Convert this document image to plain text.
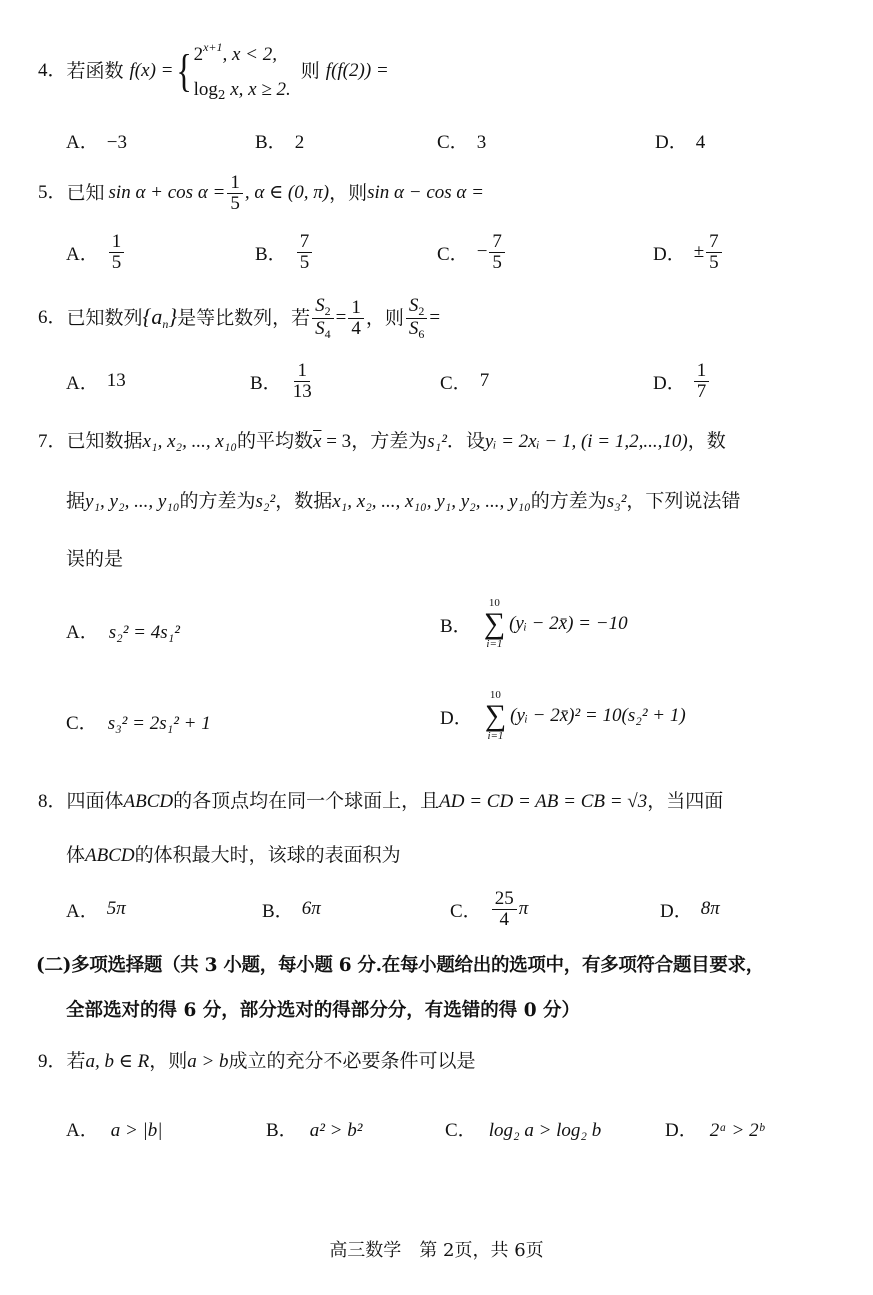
4． 若函数 f(x) = { $2^{x+1}$, x < 2,
$\log_2 x$, x ≥ 2.
则 f(f(2)) =
A． −3	B． 2	C． 3	D． 4
5． 已知 $\sin \alpha + \cos \alpha = \frac{1}{5}$ , α ∈ (0, π) ，则 sin α − cos α =
A． $\frac{1}{5}$	B． $\frac{7}{5}$	C． − $\frac{7}{5}$	D． ± $\frac{7}{5}$
6． 已知数列 $\{a_n\}$ 是等比数列，若 $\frac{S_2}{S_4} = \frac{1}{4}$ ，则 $\frac{S_2}{S_6}$ =
A． 13	B． $\frac{1}{13}$	C． 7	D． $\frac{1}{7}$
7．已知数据x₁, x₂, ..., x₁₀的平均数$\overline{x} = 3$，方差为s₁²．设yᵢ = 2xᵢ − 1, (i = 1,2,...,10)，数
据y₁, y₂, ..., y₁₀的方差为s₂²，数据x₁, x₂, ..., x₁₀, y₁, y₂, ..., y₁₀的方差为s₃²，下列说法错
误的是
A． s₂² = 4s₁²	B．
10
∑
i=1
(yᵢ − 2x̄) = −10
C． s₃² = 2s₁² + 1	D．
10
∑
i=1
(yᵢ − 2x̄)² = 10(s₂² + 1)
8．四面体ABCD的各顶点均在同一个球面上，且AD = CD = AB = CB = √3，当四面
体ABCD的体积最大时，该球的表面积为
A． 5π	B． 6π	C． $\frac{25}{4}$ π	D． 8π
(二)多项选择题（共 3 小题，每小题 6 分.在每小题给出的选项中，有多项符合题目要求，
全部选对的得 6 分，部分选对的得部分分，有选错的得 0 分）
9．若a, b ∈ R，则a > b成立的充分不必要条件可以是
A． a > |b|	B． a² > b²	C． log₂ a > log₂ b	D． 2ᵃ > 2ᵇ
高三数学　第 2页，共 6页
